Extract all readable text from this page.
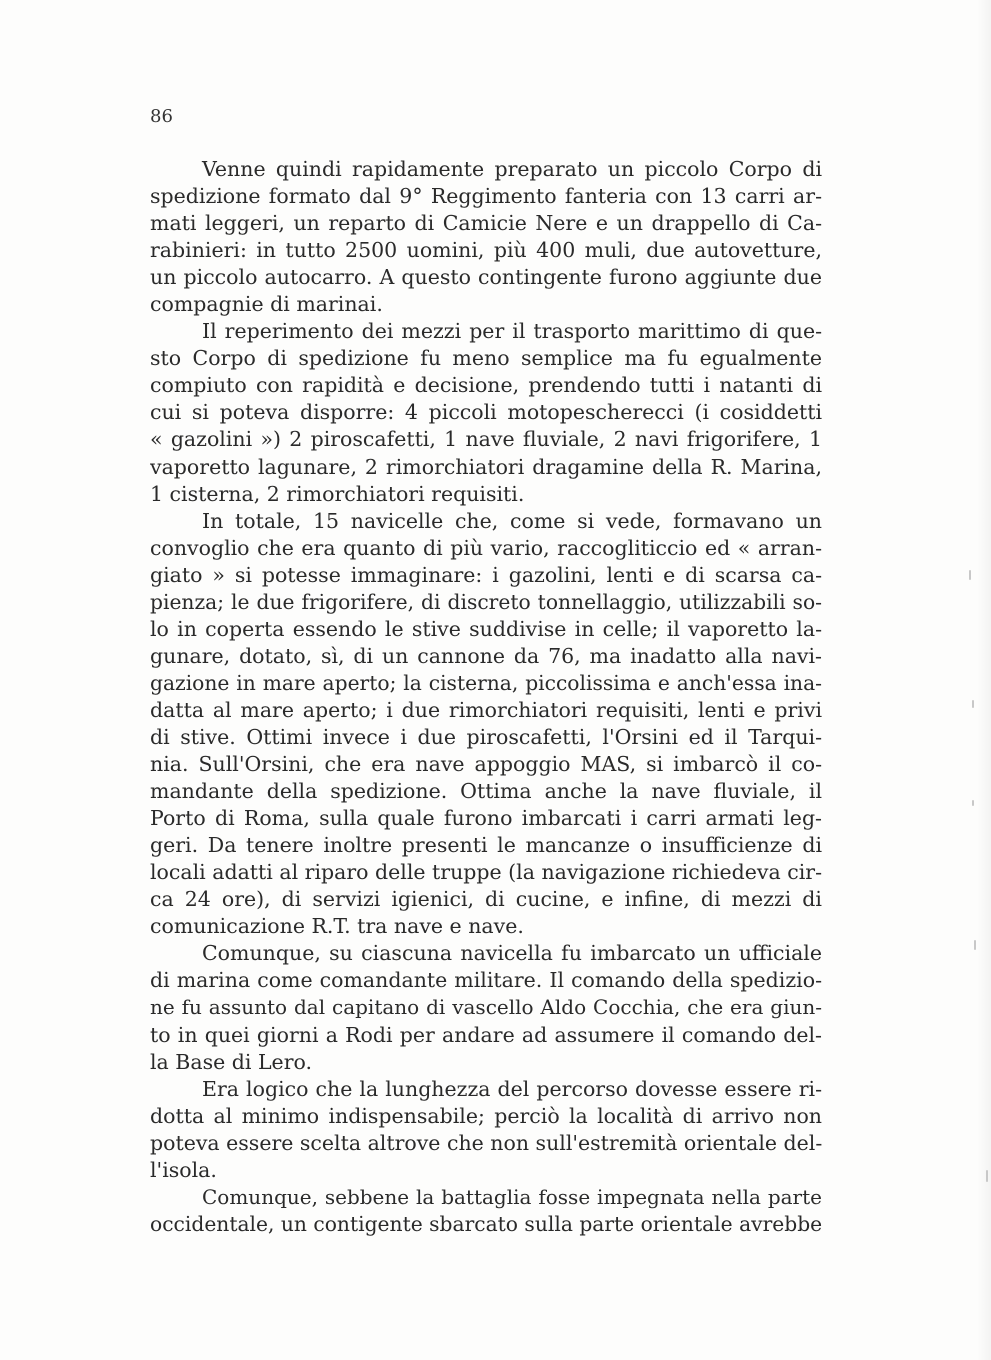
86
Venne quindi rapidamente preparato un piccolo Corpo di
spedizione formato dal 9° Reggimento fanteria con 13 carri ar-
mati leggeri, un reparto di Camicie Nere e un drappello di Ca-
rabinieri: in tutto 2500 uomini, più 400 muli, due autovetture,
un piccolo autocarro. A questo contingente furono aggiunte due
compagnie di marinai.
Il reperimento dei mezzi per il trasporto marittimo di que-
sto Corpo di spedizione fu meno semplice ma fu egualmente
compiuto con rapidità e decisione, prendendo tutti i natanti di
cui si poteva disporre: 4 piccoli motopescherecci (i cosiddetti
« gazolini ») 2 piroscafetti, 1 nave fluviale, 2 navi frigorifere, 1
vaporetto lagunare, 2 rimorchiatori dragamine della R. Marina,
1 cisterna, 2 rimorchiatori requisiti.
In totale, 15 navicelle che, come si vede, formavano un
convoglio che era quanto di più vario, raccogliticcio ed « arran-
giato » si potesse immaginare: i gazolini, lenti e di scarsa ca-
pienza; le due frigorifere, di discreto tonnellaggio, utilizzabili so-
lo in coperta essendo le stive suddivise in celle; il vaporetto la-
gunare, dotato, sì, di un cannone da 76, ma inadatto alla navi-
gazione in mare aperto; la cisterna, piccolissima e anch'essa ina-
datta al mare aperto; i due rimorchiatori requisiti, lenti e privi
di stive. Ottimi invece i due piroscafetti, l'Orsini ed il Tarqui-
nia. Sull'Orsini, che era nave appoggio MAS, si imbarcò il co-
mandante della spedizione. Ottima anche la nave fluviale, il
Porto di Roma, sulla quale furono imbarcati i carri armati leg-
geri. Da tenere inoltre presenti le mancanze o insufficienze di
locali adatti al riparo delle truppe (la navigazione richiedeva cir-
ca 24 ore), di servizi igienici, di cucine, e infine, di mezzi di
comunicazione R.T. tra nave e nave.
Comunque, su ciascuna navicella fu imbarcato un ufficiale
di marina come comandante militare. Il comando della spedizio-
ne fu assunto dal capitano di vascello Aldo Cocchia, che era giun-
to in quei giorni a Rodi per andare ad assumere il comando del-
la Base di Lero.
Era logico che la lunghezza del percorso dovesse essere ri-
dotta al minimo indispensabile; perciò la località di arrivo non
poteva essere scelta altrove che non sull'estremità orientale del-
l'isola.
Comunque, sebbene la battaglia fosse impegnata nella parte
occidentale, un contigente sbarcato sulla parte orientale avrebbe
